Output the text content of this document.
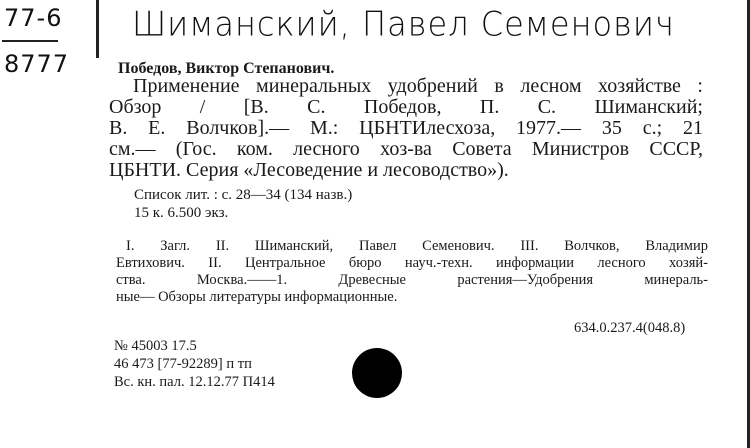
77-6
8777
Шиманский, Павел Семенович
Победов, Виктор Степанович.
Применение минеральных удобрений в лесном хозяйстве :
Обзор / [В. С. Победов, П. С. Шиманский;
В. Е. Волчков].— М.: ЦБНТИлесхоза, 1977.— 35 с.; 21
см.— (Гос. ком. лесного хоз-ва Совета Министров СССР,
ЦБНТИ. Серия «Лесоведение и лесоводство»).
Список лит. : с. 28—34 (134 назв.)
15 к. 6.500 экз.
I. Загл. II. Шиманский, Павел Семенович. III. Волчков, Владимир
Евтихович. II. Центральное бюро науч.-техн. информации лесного хозяй-
ства. Москва.——1. Древесные растения—Удобрения минераль-
ные— Обзоры литературы информационные.
634.0.237.4(048.8)
№ 45003 17.5
46 473 [77-92289] п тп
Вс. кн. пал. 12.12.77 П414
